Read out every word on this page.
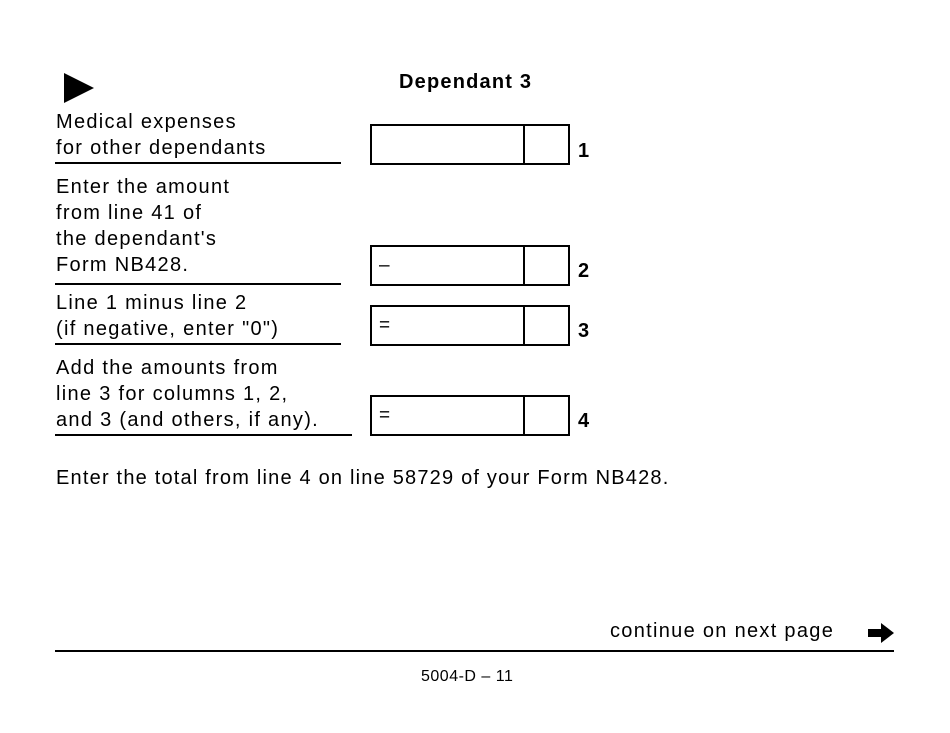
Dependant 3
Medical expenses
for other dependants	1
Enter the amount
from line 41 of
the dependant's
Form NB428.	–	2
Line 1 minus line 2
(if negative, enter "0")	=	3
Add the amounts from
line 3 for columns 1, 2,
and 3 (and others, if any).	=	4
Enter the total from line 4 on line 58729 of your Form NB428.
continue on next page
5004-D – 11
